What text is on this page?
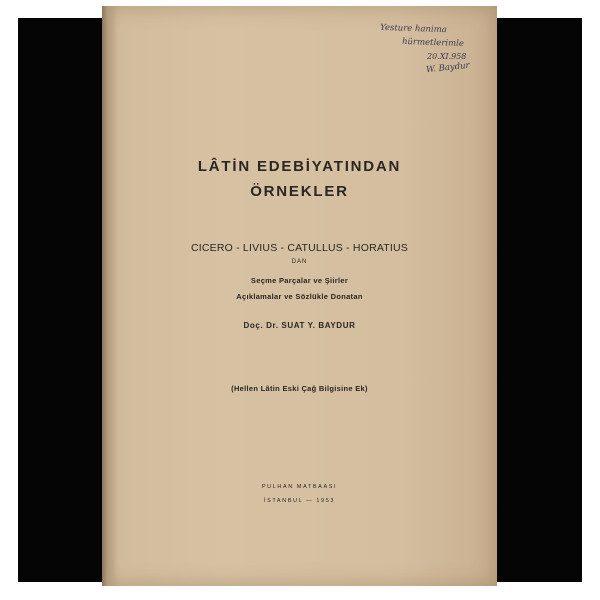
LÂTİN EDEBİYATINDAN
ÖRNEKLER
CICERO - LIVIUS - CATULLUS - HORATIUS
DAN
Seçme Parçalar ve Şiirler
Açıklamalar ve Sözlükle Donatan
Doç. Dr. SUAT Y. BAYDUR
(Hellen Lâtin Eski Çağ Bilgisine Ek)
PULHAN MATBAASI
İSTANBUL — 1953
Yesture hanima
hürmetlerimle
20.XI.958
W. Baydur
